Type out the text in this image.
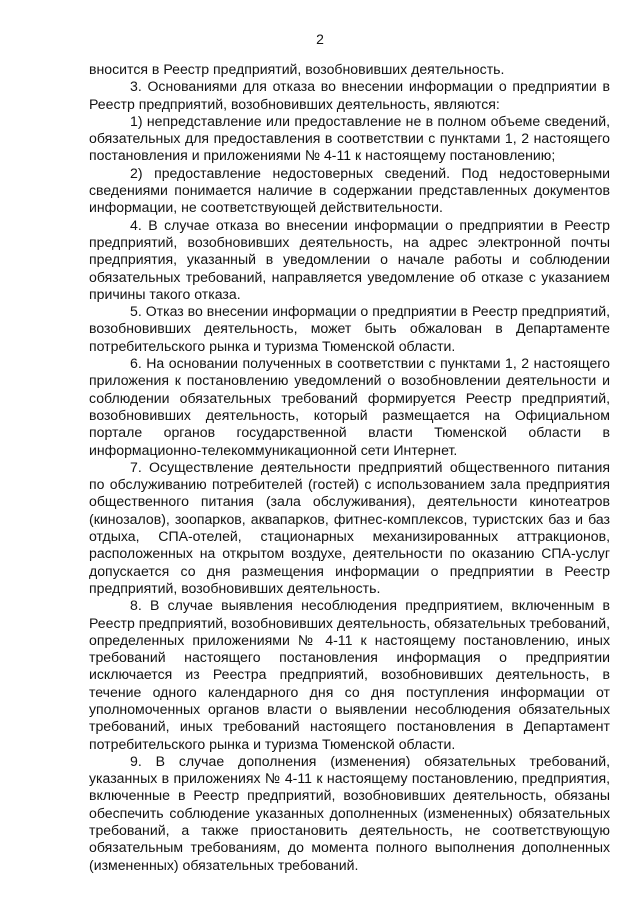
2

вносится в Реестр предприятий, возобновивших деятельность.

3. Основаниями для отказа во внесении информации о предприятии в Реестр предприятий, возобновивших деятельность, являются:

1) непредставление или предоставление не в полном объеме сведений, обязательных для предоставления в соответствии с пунктами 1, 2 настоящего постановления и приложениями № 4-11 к настоящему постановлению;

2) предоставление недостоверных сведений. Под недостоверными сведениями понимается наличие в содержании представленных документов информации, не соответствующей действительности.

4. В случае отказа во внесении информации о предприятии в Реестр предприятий, возобновивших деятельность, на адрес электронной почты предприятия, указанный в уведомлении о начале работы и соблюдении обязательных требований, направляется уведомление об отказе с указанием причины такого отказа.

5. Отказ во внесении информации о предприятии в Реестр предприятий, возобновивших деятельность, может быть обжалован в Департаменте потребительского рынка и туризма Тюменской области.

6. На основании полученных в соответствии с пунктами 1, 2 настоящего приложения к постановлению уведомлений о возобновлении деятельности и соблюдении обязательных требований формируется Реестр предприятий, возобновивших деятельность, который размещается на Официальном портале органов государственной власти Тюменской области в информационно-телекоммуникационной сети Интернет.

7. Осуществление деятельности предприятий общественного питания по обслуживанию потребителей (гостей) с использованием зала предприятия общественного питания (зала обслуживания), деятельности кинотеатров (кинозалов), зоопарков, аквапарков, фитнес-комплексов, туристских баз и баз отдыха, СПА-отелей, стационарных механизированных аттракционов, расположенных на открытом воздухе, деятельности по оказанию СПА-услуг допускается со дня размещения информации о предприятии в Реестр предприятий, возобновивших деятельность.

8. В случае выявления несоблюдения предприятием, включенным в Реестр предприятий, возобновивших деятельность, обязательных требований, определенных приложениями № 4-11 к настоящему постановлению, иных требований настоящего постановления информация о предприятии исключается из Реестра предприятий, возобновивших деятельность, в течение одного календарного дня со дня поступления информации от уполномоченных органов власти о выявлении несоблюдения обязательных требований, иных требований настоящего постановления в Департамент потребительского рынка и туризма Тюменской области.

9. В случае дополнения (изменения) обязательных требований, указанных в приложениях № 4-11 к настоящему постановлению, предприятия, включенные в Реестр предприятий, возобновивших деятельность, обязаны обеспечить соблюдение указанных дополненных (измененных) обязательных требований, а также приостановить деятельность, не соответствующую обязательным требованиям, до момента полного выполнения дополненных (измененных) обязательных требований.
